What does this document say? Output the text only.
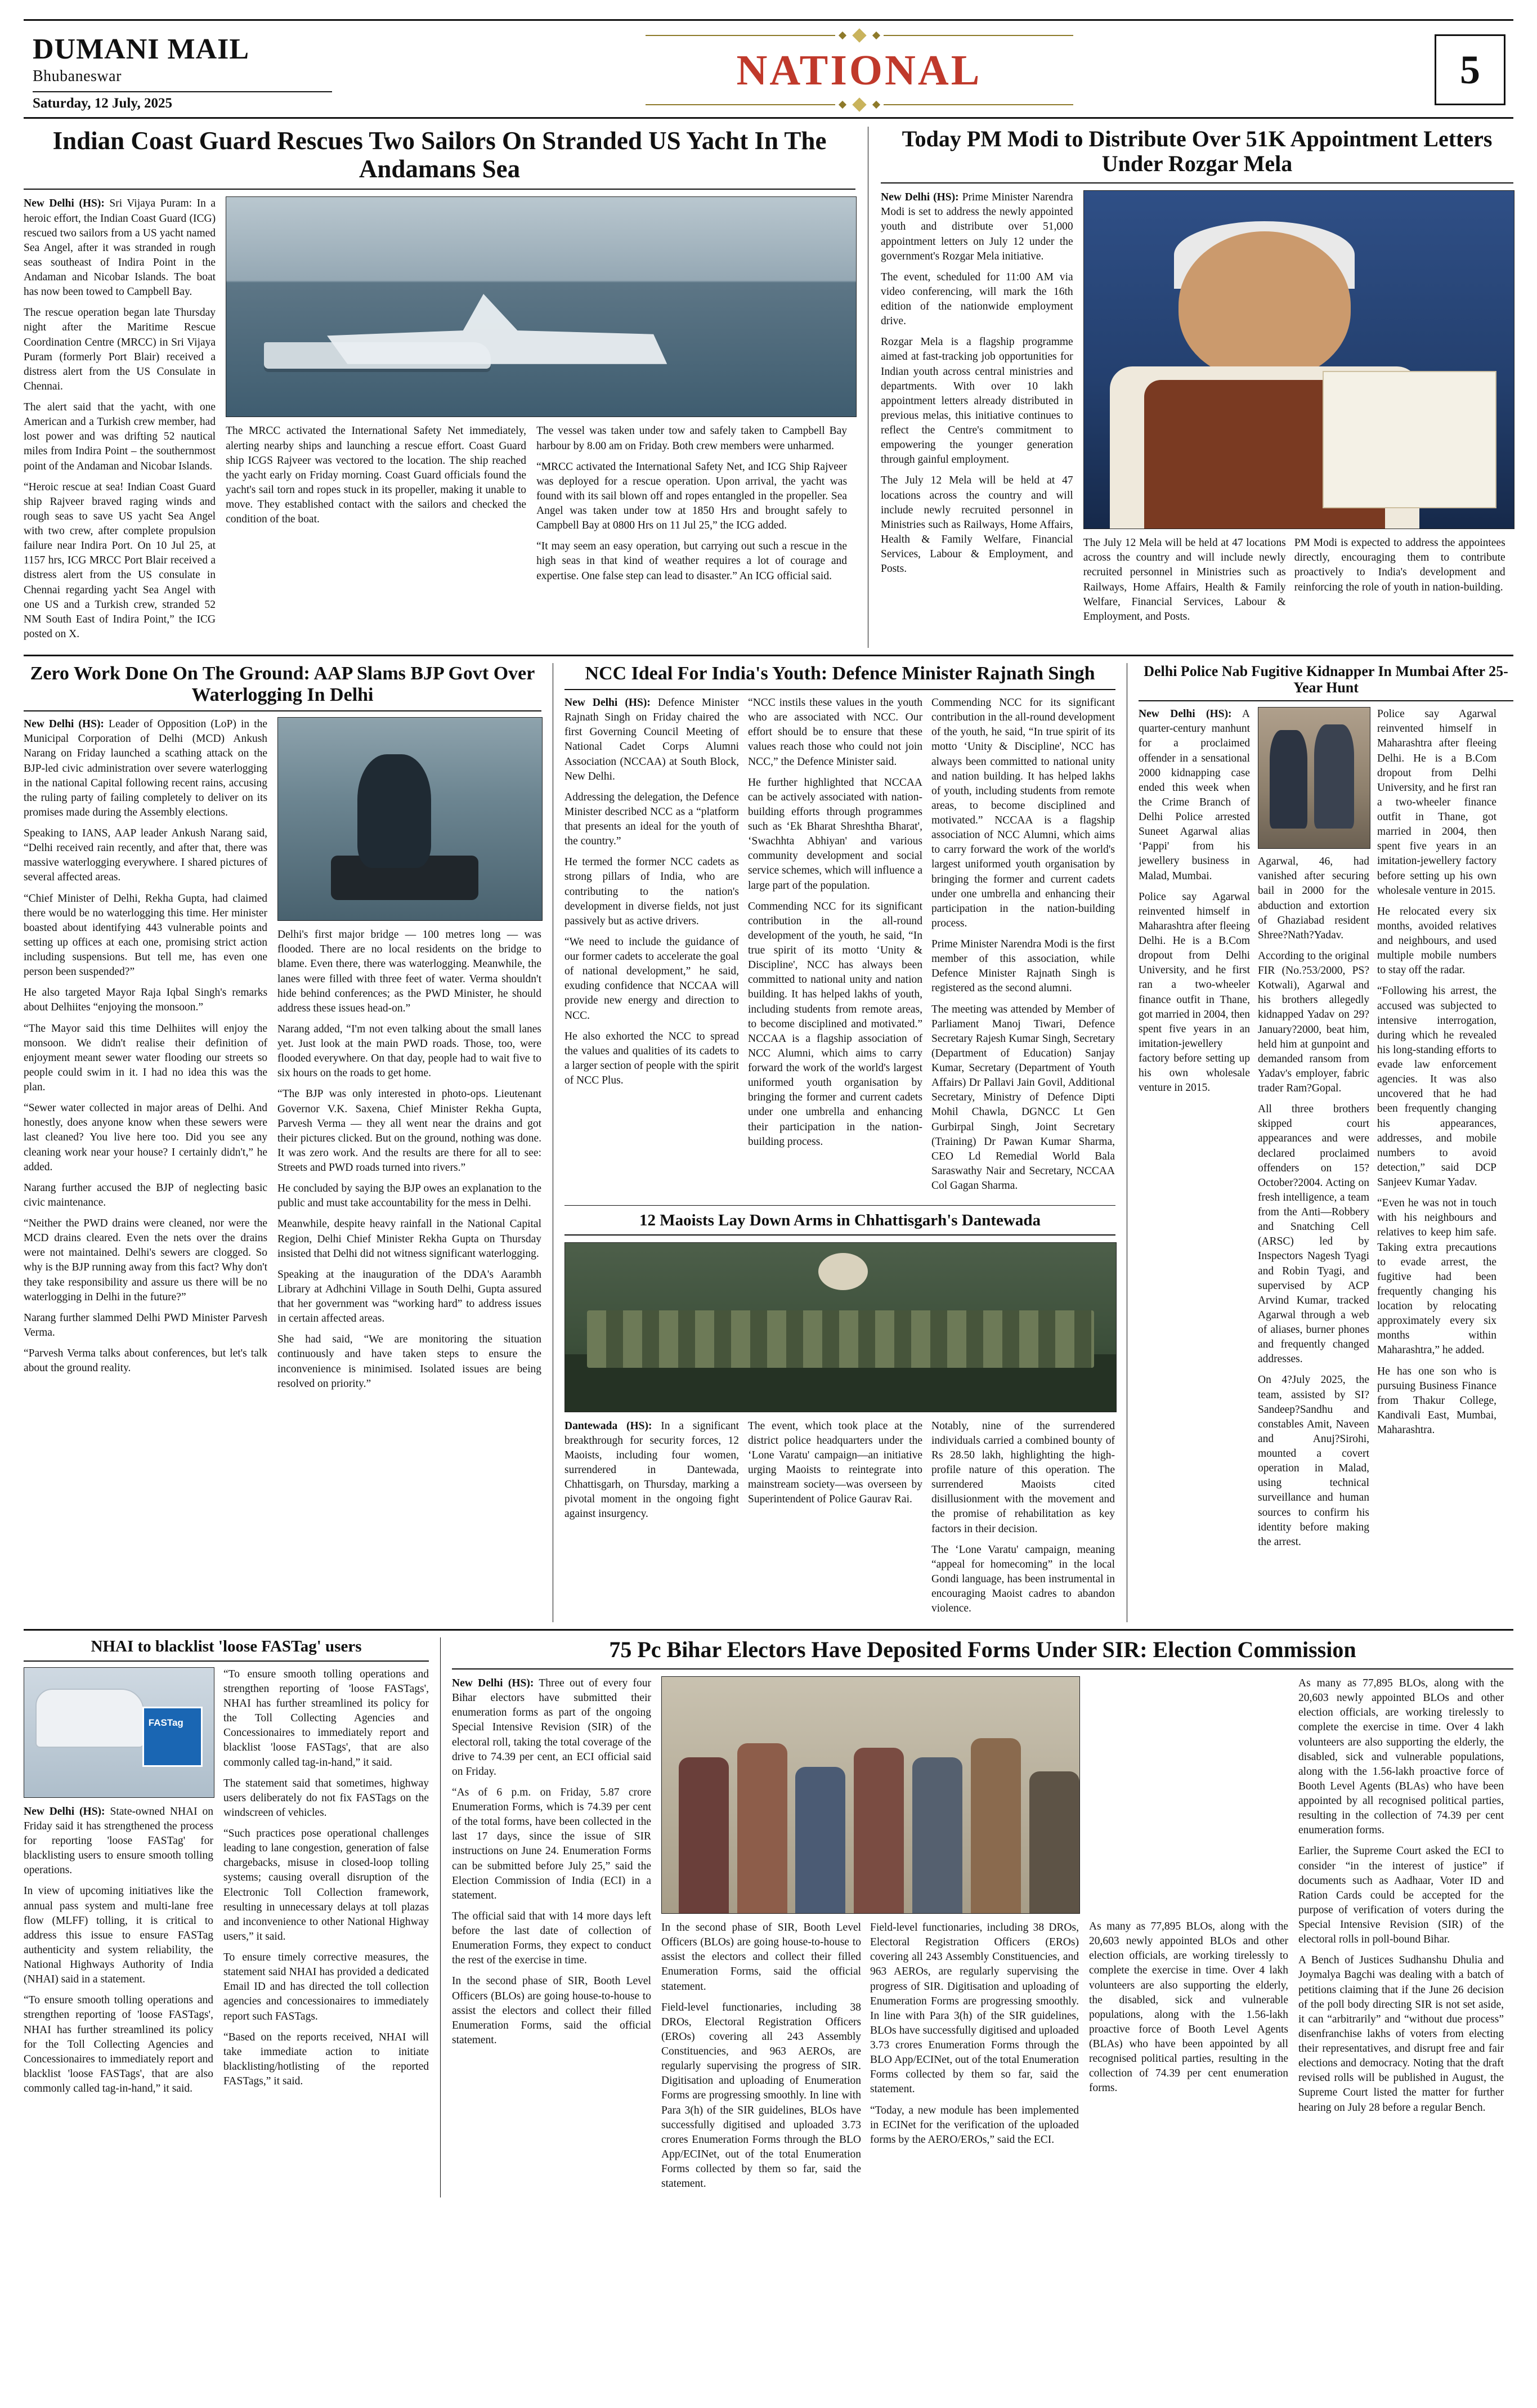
DUMANI MAIL
Bhubaneswar
Saturday, 12 July, 2025
NATIONAL	5
Indian Coast Guard Rescues Two Sailors On Stranded US Yacht In The Andamans Sea

New Delhi (HS): Sri Vijaya Puram: In a heroic effort, the Indian Coast Guard (ICG) rescued two sailors from a US yacht named Sea Angel, after it was stranded in rough seas southeast of Indira Point in the Andaman and Nicobar Islands. The boat has now been towed to Campbell Bay.

The rescue operation began late Thursday night after the Maritime Rescue Coordination Centre (MRCC) in Sri Vijaya Puram (formerly Port Blair) received a distress alert from the US Consulate in Chennai.

The alert said that the yacht, with one American and a Turkish crew member, had lost power and was drifting 52 nautical miles from Indira Point – the southernmost point of the Andaman and Nicobar Islands.

“Heroic rescue at sea! Indian Coast Guard ship Rajveer braved raging winds and rough seas to save US yacht Sea Angel with two crew, after complete propulsion failure near Indira Port. On 10 Jul 25, at 1157 hrs, ICG MRCC Port Blair received a distress alert from the US consulate in Chennai regarding yacht Sea Angel with one US and a Turkish crew, stranded 52 NM South East of Indira Point,” the ICG posted on X.

The MRCC activated the International Safety Net immediately, alerting nearby ships and launching a rescue effort. Coast Guard ship ICGS Rajveer was vectored to the location. The ship reached the yacht early on Friday morning. Coast Guard officials found the yacht's sail torn and ropes stuck in its propeller, making it unable to move. They established contact with the sailors and checked the condition of the boat.

The vessel was taken under tow and safely taken to Campbell Bay harbour by 8.00 am on Friday. Both crew members were unharmed.

“MRCC activated the International Safety Net, and ICG Ship Rajveer was deployed for a rescue operation. Upon arrival, the yacht was found with its sail blown off and ropes entangled in the propeller. Sea Angel was taken under tow at 1850 Hrs and brought safely to Campbell Bay at 0800 Hrs on 11 Jul 25,” the ICG added.

“It may seem an easy operation, but carrying out such a rescue in the high seas in that kind of weather requires a lot of courage and expertise. One false step can lead to disaster.” An ICG official said.

Today PM Modi to Distribute Over 51K Appointment Letters Under Rozgar Mela

New Delhi (HS): Prime Minister Narendra Modi is set to address the newly appointed youth and distribute over 51,000 appointment letters on July 12 under the government's Rozgar Mela initiative.

The event, scheduled for 11:00 AM via video conferencing, will mark the 16th edition of the nationwide employment drive.

Rozgar Mela is a flagship programme aimed at fast-tracking job opportunities for Indian youth across central ministries and departments. With over 10 lakh appointment letters already distributed in previous melas, this initiative continues to reflect the Centre's commitment to empowering the younger generation through gainful employment.

The July 12 Mela will be held at 47 locations across the country and will include newly recruited personnel in Ministries such as Railways, Home Affairs, Health & Family Welfare, Financial Services, Labour & Employment, and Posts.

The July 12 Mela will be held at 47 locations across the country and will include newly recruited personnel in Ministries such as Railways, Home Affairs, Health & Family Welfare, Financial Services, Labour & Employment, and Posts.

PM Modi is expected to address the appointees directly, encouraging them to contribute proactively to India's development and reinforcing the role of youth in nation-building.

Zero Work Done On The Ground: AAP Slams BJP Govt Over Waterlogging In Delhi

New Delhi (HS): Leader of Opposition (LoP) in the Municipal Corporation of Delhi (MCD) Ankush Narang on Friday launched a scathing attack on the BJP-led civic administration over severe waterlogging in the national Capital following recent rains, accusing the ruling party of failing completely to deliver on its promises made during the Assembly elections.

Speaking to IANS, AAP leader Ankush Narang said, “Delhi received rain recently, and after that, there was massive waterlogging everywhere. I shared pictures of several affected areas.

“Chief Minister of Delhi, Rekha Gupta, had claimed there would be no waterlogging this time. Her minister boasted about identifying 443 vulnerable points and setting up offices at each one, promising strict action including suspensions. But tell me, has even one person been suspended?”

He also targeted Mayor Raja Iqbal Singh's remarks about Delhiites “enjoying the monsoon.”

“The Mayor said this time Delhiites will enjoy the monsoon. We didn't realise their definition of enjoyment meant sewer water flooding our streets so people could swim in it. I had no idea this was the plan.

“Sewer water collected in major areas of Delhi. And honestly, does anyone know when these sewers were last cleaned? You live here too. Did you see any cleaning work near your house? I certainly didn't,” he added.

Narang further accused the BJP of neglecting basic civic maintenance.

“Neither the PWD drains were cleaned, nor were the MCD drains cleared. Even the nets over the drains were not maintained. Delhi's sewers are clogged. So why is the BJP running away from this fact? Why don't they take responsibility and assure us there will be no waterlogging in Delhi in the future?”

Narang further slammed Delhi PWD Minister Parvesh Verma.

“Parvesh Verma talks about conferences, but let's talk about the ground reality.

Delhi's first major bridge — 100 metres long — was flooded. There are no local residents on the bridge to blame. Even there, there was waterlogging. Meanwhile, the lanes were filled with three feet of water. Verma shouldn't hide behind conferences; as the PWD Minister, he should address these issues head-on.”

Narang added, “I'm not even talking about the small lanes yet. Just look at the main PWD roads. Those, too, were flooded everywhere. On that day, people had to wait five to six hours on the roads to get home.

“The BJP was only interested in photo-ops. Lieutenant Governor V.K. Saxena, Chief Minister Rekha Gupta, Parvesh Verma — they all went near the drains and got their pictures clicked. But on the ground, nothing was done. It was zero work. And the results are there for all to see: Streets and PWD roads turned into rivers.”

He concluded by saying the BJP owes an explanation to the public and must take accountability for the mess in Delhi.

Meanwhile, despite heavy rainfall in the National Capital Region, Delhi Chief Minister Rekha Gupta on Thursday insisted that Delhi did not witness significant waterlogging.

Speaking at the inauguration of the DDA's Aarambh Library at Adhchini Village in South Delhi, Gupta assured that her government was “working hard” to address issues in certain affected areas.

She had said, “We are monitoring the situation continuously and have taken steps to ensure the inconvenience is minimised. Isolated issues are being resolved on priority.”

NCC Ideal For India's Youth: Defence Minister Rajnath Singh

New Delhi (HS): Defence Minister Rajnath Singh on Friday chaired the first Governing Council Meeting of National Cadet Corps Alumni Association (NCCAA) at South Block, New Delhi.

Addressing the delegation, the Defence Minister described NCC as a “platform that presents an ideal for the youth of the country.”

He termed the former NCC cadets as strong pillars of India, who are contributing to the nation's development in diverse fields, not just passively but as active drivers.

“We need to include the guidance of our former cadets to accelerate the goal of national development,” he said, exuding confidence that NCCAA will provide new energy and direction to NCC.

He also exhorted the NCC to spread the values and qualities of its cadets to a larger section of people with the spirit of NCC Plus.

“NCC instils these values in the youth who are associated with NCC. Our effort should be to ensure that these values reach those who could not join NCC,” the Defence Minister said.

He further highlighted that NCCAA can be actively associated with nation-building efforts through programmes such as ‘Ek Bharat Shreshtha Bharat', ‘Swachhta Abhiyan' and various community development and social service schemes, which will influence a large part of the population.

Commending NCC for its significant contribution in the all-round development of the youth, he said, “In true spirit of its motto ‘Unity & Discipline', NCC has always been committed to national unity and nation building. It has helped lakhs of youth, including students from remote areas, to become disciplined and motivated.” NCCAA is a flagship association of NCC Alumni, which aims to carry forward the work of the world's largest uniformed youth organisation by bringing the former and current cadets under one umbrella and enhancing their participation in the nation-building process.

Commending NCC for its significant contribution in the all-round development of the youth, he said, “In true spirit of its motto ‘Unity & Discipline', NCC has always been committed to national unity and nation building. It has helped lakhs of youth, including students from remote areas, to become disciplined and motivated.” NCCAA is a flagship association of NCC Alumni, which aims to carry forward the work of the world's largest uniformed youth organisation by bringing the former and current cadets under one umbrella and enhancing their participation in the nation-building process.

Prime Minister Narendra Modi is the first member of this association, while Defence Minister Rajnath Singh is registered as the second alumni.

The meeting was attended by Member of Parliament Manoj Tiwari, Defence Secretary Rajesh Kumar Singh, Secretary (Department of Education) Sanjay Kumar, Secretary (Department of Youth Affairs) Dr Pallavi Jain Govil, Additional Secretary, Ministry of Defence Dipti Mohil Chawla, DGNCC Lt Gen Gurbirpal Singh, Joint Secretary (Training) Dr Pawan Kumar Sharma, CEO Ld Remedial World Bala Saraswathy Nair and Secretary, NCCAA Col Gagan Sharma.

12 Maoists Lay Down Arms in Chhattisgarh's Dantewada

Dantewada (HS): In a significant breakthrough for security forces, 12 Maoists, including four women, surrendered in Dantewada, Chhattisgarh, on Thursday, marking a pivotal moment in the ongoing fight against insurgency.

The event, which took place at the district police headquarters under the ‘Lone Varatu' campaign—an initiative urging Maoists to reintegrate into mainstream society—was overseen by Superintendent of Police Gaurav Rai.

Notably, nine of the surrendered individuals carried a combined bounty of Rs 28.50 lakh, highlighting the high-profile nature of this operation. The surrendered Maoists cited disillusionment with the movement and the promise of rehabilitation as key factors in their decision.

The ‘Lone Varatu' campaign, meaning “appeal for homecoming” in the local Gondi language, has been instrumental in encouraging Maoist cadres to abandon violence.

Delhi Police Nab Fugitive Kidnapper In Mumbai After 25-Year Hunt

New Delhi (HS): A quarter-century manhunt for a proclaimed offender in a sensational 2000 kidnapping case ended this week when the Crime Branch of Delhi Police arrested Suneet Agarwal alias ‘Pappi' from his jewellery business in Malad, Mumbai.

Police say Agarwal reinvented himself in Maharashtra after fleeing Delhi. He is a B.Com dropout from Delhi University, and he first ran a two-wheeler finance outfit in Thane, got married in 2004, then spent five years in an imitation-jewellery factory before setting up his own wholesale venture in 2015.

Agarwal, 46, had vanished after securing bail in 2000 for the abduction and extortion of Ghaziabad resident Shree?Nath?Yadav.

According to the original FIR (No.?53/2000, PS?Kotwali), Agarwal and his brothers allegedly kidnapped Yadav on 29?January?2000, beat him, held him at gunpoint and demanded ransom from Yadav's employer, fabric trader Ram?Gopal.

All three brothers skipped court appearances and were declared proclaimed offenders on 15?October?2004. Acting on fresh intelligence, a team from the Anti—Robbery and Snatching Cell (ARSC) led by Inspectors Nagesh Tyagi and Robin Tyagi, and supervised by ACP Arvind Kumar, tracked Agarwal through a web of aliases, burner phones and frequently changed addresses.

On 4?July 2025, the team, assisted by SI?Sandeep?Sandhu and constables Amit, Naveen and Anuj?Sirohi, mounted a covert operation in Malad, using technical surveillance and human sources to confirm his identity before making the arrest.

Police say Agarwal reinvented himself in Maharashtra after fleeing Delhi. He is a B.Com dropout from Delhi University, and he first ran a two-wheeler finance outfit in Thane, got married in 2004, then spent five years in an imitation-jewellery factory before setting up his own wholesale venture in 2015.

He relocated every six months, avoided relatives and neighbours, and used multiple mobile numbers to stay off the radar.

“Following his arrest, the accused was subjected to intensive interrogation, during which he revealed his long-standing efforts to evade law enforcement agencies. It was also uncovered that he had been frequently changing his appearances, addresses, and mobile numbers to avoid detection,” said DCP Sanjeev Kumar Yadav.

“Even he was not in touch with his neighbours and relatives to keep him safe. Taking extra precautions to evade arrest, the fugitive had been frequently changing his location by relocating approximately every six months within Maharashtra,” he added.

He has one son who is pursuing Business Finance from Thakur College, Kandivali East, Mumbai, Maharashtra.

NHAI to blacklist 'loose FASTag' users
FASTag

New Delhi (HS): State-owned NHAI on Friday said it has strengthened the process for reporting 'loose FASTag' for blacklisting users to ensure smooth tolling operations.

In view of upcoming initiatives like the annual pass system and multi-lane free flow (MLFF) tolling, it is critical to address this issue to ensure FASTag authenticity and system reliability, the National Highways Authority of India (NHAI) said in a statement.

“To ensure smooth tolling operations and strengthen reporting of 'loose FASTags', NHAI has further streamlined its policy for the Toll Collecting Agencies and Concessionaires to immediately report and blacklist 'loose FASTags', that are also commonly called tag-in-hand,” it said.

“To ensure smooth tolling operations and strengthen reporting of 'loose FASTags', NHAI has further streamlined its policy for the Toll Collecting Agencies and Concessionaires to immediately report and blacklist 'loose FASTags', that are also commonly called tag-in-hand,” it said.

The statement said that sometimes, highway users deliberately do not fix FASTags on the windscreen of vehicles.

“Such practices pose operational challenges leading to lane congestion, generation of false chargebacks, misuse in closed-loop tolling systems; causing overall disruption of the Electronic Toll Collection framework, resulting in unnecessary delays at toll plazas and inconvenience to other National Highway users,” it said.

To ensure timely corrective measures, the statement said NHAI has provided a dedicated Email ID and has directed the toll collection agencies and concessionaires to immediately report such FASTags.

“Based on the reports received, NHAI will take immediate action to initiate blacklisting/hotlisting of the reported FASTags,” it said.

75 Pc Bihar Electors Have Deposited Forms Under SIR: Election Commission

New Delhi (HS): Three out of every four Bihar electors have submitted their enumeration forms as part of the ongoing Special Intensive Revision (SIR) of the electoral roll, taking the total coverage of the drive to 74.39 per cent, an ECI official said on Friday.

“As of 6 p.m. on Friday, 5.87 crore Enumeration Forms, which is 74.39 per cent of the total forms, have been collected in the last 17 days, since the issue of SIR instructions on June 24. Enumeration Forms can be submitted before July 25,” said the Election Commission of India (ECI) in a statement.

The official said that with 14 more days left before the last date of collection of Enumeration Forms, they expect to conduct the rest of the exercise in time.

In the second phase of SIR, Booth Level Officers (BLOs) are going house-to-house to assist the electors and collect their filled Enumeration Forms, said the official statement.

In the second phase of SIR, Booth Level Officers (BLOs) are going house-to-house to assist the electors and collect their filled Enumeration Forms, said the official statement.

Field-level functionaries, including 38 DROs, Electoral Registration Officers (EROs) covering all 243 Assembly Constituencies, and 963 AEROs, are regularly supervising the progress of SIR. Digitisation and uploading of Enumeration Forms are progressing smoothly. In line with Para 3(h) of the SIR guidelines, BLOs have successfully digitised and uploaded 3.73 crores Enumeration Forms through the BLO App/ECINet, out of the total Enumeration Forms collected by them so far, said the statement.

Field-level functionaries, including 38 DROs, Electoral Registration Officers (EROs) covering all 243 Assembly Constituencies, and 963 AEROs, are regularly supervising the progress of SIR. Digitisation and uploading of Enumeration Forms are progressing smoothly. In line with Para 3(h) of the SIR guidelines, BLOs have successfully digitised and uploaded 3.73 crores Enumeration Forms through the BLO App/ECINet, out of the total Enumeration Forms collected by them so far, said the statement.

“Today, a new module has been implemented in ECINet for the verification of the uploaded forms by the AERO/EROs,” said the ECI.

As many as 77,895 BLOs, along with the 20,603 newly appointed BLOs and other election officials, are working tirelessly to complete the exercise in time. Over 4 lakh volunteers are also supporting the elderly, the disabled, sick and vulnerable populations, along with the 1.56-lakh proactive force of Booth Level Agents (BLAs) who have been appointed by all recognised political parties, resulting in the collection of 74.39 per cent enumeration forms.

As many as 77,895 BLOs, along with the 20,603 newly appointed BLOs and other election officials, are working tirelessly to complete the exercise in time. Over 4 lakh volunteers are also supporting the elderly, the disabled, sick and vulnerable populations, along with the 1.56-lakh proactive force of Booth Level Agents (BLAs) who have been appointed by all recognised political parties, resulting in the collection of 74.39 per cent enumeration forms.

Earlier, the Supreme Court asked the ECI to consider “in the interest of justice” if documents such as Aadhaar, Voter ID and Ration Cards could be accepted for the purpose of verification of voters during the Special Intensive Revision (SIR) of the electoral rolls in poll-bound Bihar.

A Bench of Justices Sudhanshu Dhulia and Joymalya Bagchi was dealing with a batch of petitions claiming that if the June 26 decision of the poll body directing SIR is not set aside, it can “arbitrarily” and “without due process” disenfranchise lakhs of voters from electing their representatives, and disrupt free and fair elections and democracy. Noting that the draft revised rolls will be published in August, the Supreme Court listed the matter for further hearing on July 28 before a regular Bench.
